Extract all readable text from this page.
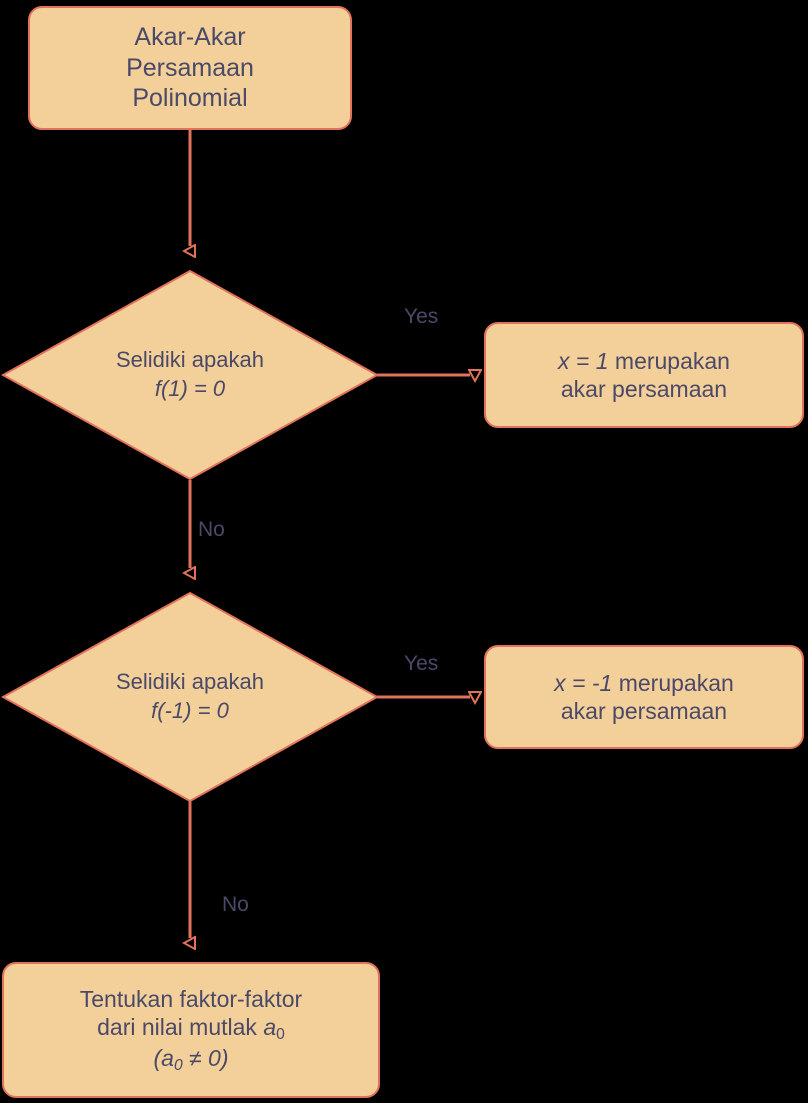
Akar-Akar
Persamaan
Polinomial
Selidiki apakah
f(1) = 0
x = 1 merupakan
akar persamaan
Selidiki apakah
f(-1) = 0
x = -1 merupakan
akar persamaan
Tentukan faktor-faktor
dari nilai mutlak $a_0$
$(a_0 \ne 0)$
Yes
No
Yes
No
